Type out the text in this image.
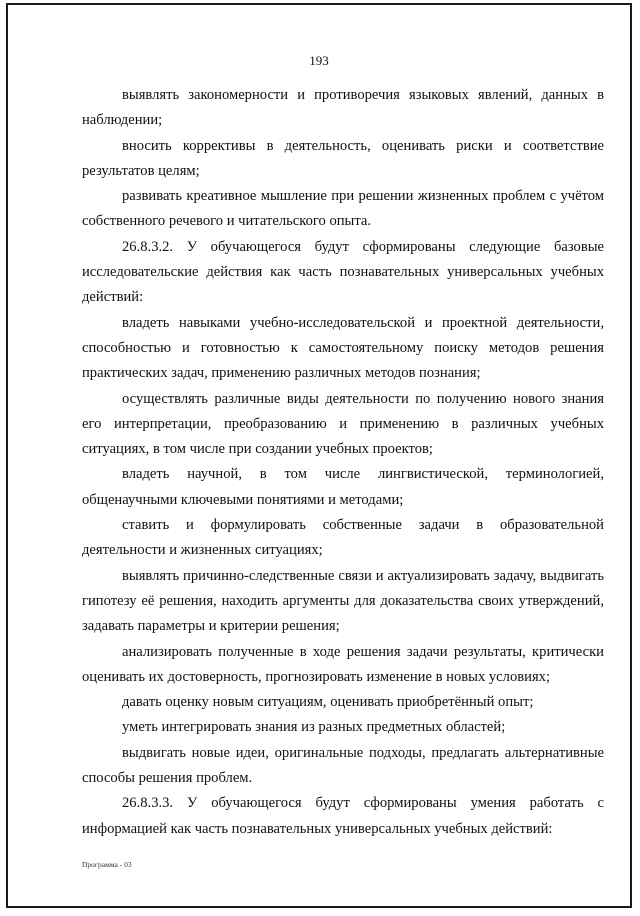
193

выявлять закономерности и противоречия языковых явлений, данных в наблюдении;

вносить коррективы в деятельность, оценивать риски и соответствие результатов целям;

развивать креативное мышление при решении жизненных проблем с учётом собственного речевого и читательского опыта.

26.8.3.2. У обучающегося будут сформированы следующие базовые исследовательские действия как часть познавательных универсальных учебных действий:

владеть навыками учебно-исследовательской и проектной деятельности, способностью и готовностью к самостоятельному поиску методов решения практических задач, применению различных методов познания;

осуществлять различные виды деятельности по получению нового знания его интерпретации, преобразованию и применению в различных учебных ситуациях, в том числе при создании учебных проектов;

владеть научной, в том числе лингвистической, терминологией, общенаучными ключевыми понятиями и методами;

ставить и формулировать собственные задачи в образовательной деятельности и жизненных ситуациях;

выявлять причинно-следственные связи и актуализировать задачу, выдвигать гипотезу её решения, находить аргументы для доказательства своих утверждений, задавать параметры и критерии решения;

анализировать полученные в ходе решения задачи результаты, критически оценивать их достоверность, прогнозировать изменение в новых условиях;

давать оценку новым ситуациям, оценивать приобретённый опыт;

уметь интегрировать знания из разных предметных областей;

выдвигать новые идеи, оригинальные подходы, предлагать альтернативные способы решения проблем.

26.8.3.3. У обучающегося будут сформированы умения работать с информацией как часть познавательных универсальных учебных действий:

Программа - 03
